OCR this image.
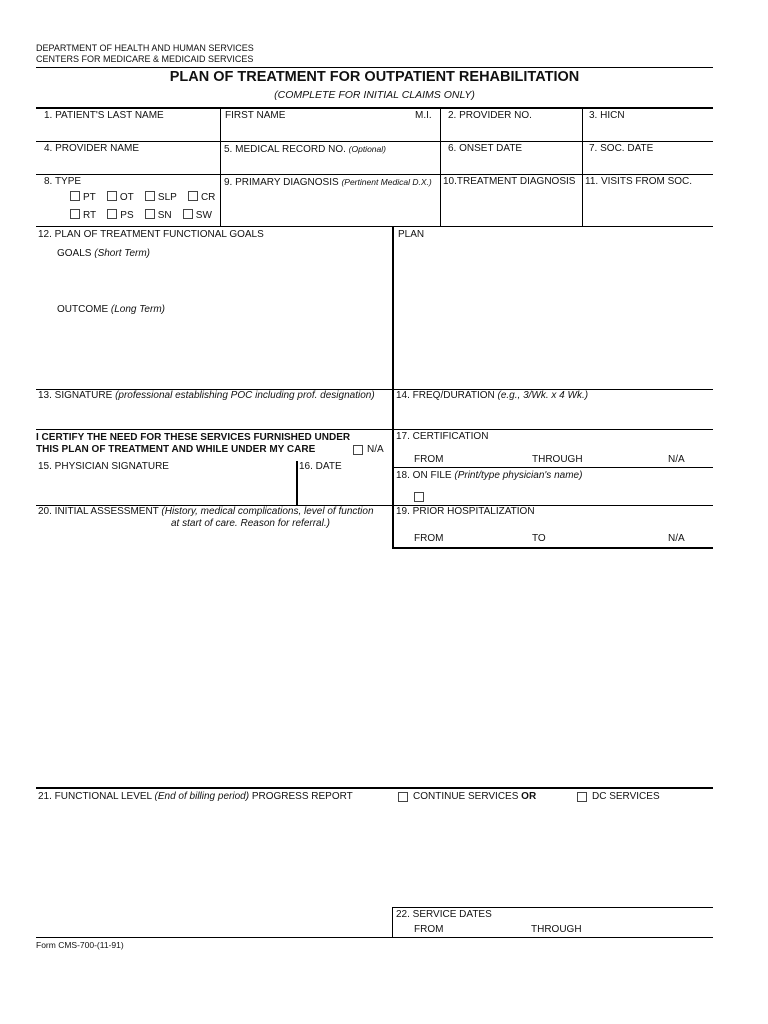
DEPARTMENT OF HEALTH AND HUMAN SERVICES
CENTERS FOR MEDICARE & MEDICAID SERVICES
PLAN OF TREATMENT FOR OUTPATIENT REHABILITATION
(COMPLETE FOR INITIAL CLAIMS ONLY)
1. PATIENT'S LAST NAME	FIRST NAME	M.I. 2. PROVIDER NO.	3. HICN
4. PROVIDER NAME	5. MEDICAL RECORD NO. (Optional)	6. ONSET DATE	7. SOC. DATE
8. TYPE
PT OT SLP CR
RT PS SN SW
9. PRIMARY DIAGNOSIS (Pertinent Medical D.X.) 10.TREATMENT DIAGNOSIS 11. VISITS FROM SOC.
12. PLAN OF TREATMENT FUNCTIONAL GOALS	PLAN
GOALS (Short Term)
OUTCOME (Long Term)
13. SIGNATURE (professional establishing POC including prof. designation) 14. FREQ/DURATION (e.g., 3/Wk. x 4 Wk.)
I CERTIFY THE NEED FOR THESE SERVICES FURNISHED UNDER
THIS PLAN OF TREATMENT AND WHILE UNDER MY CARE	N/A
15. PHYSICIAN SIGNATURE	16. DATE
17. CERTIFICATION
FROM	THROUGH	N/A
18. ON FILE (Print/type physician's name)
20. INITIAL ASSESSMENT (History, medical complications, level of function
at start of care. Reason for referral.)
19. PRIOR HOSPITALIZATION
FROM	TO	N/A
21. FUNCTIONAL LEVEL (End of billing period) PROGRESS REPORT	CONTINUE SERVICES OR	DC SERVICES
22. SERVICE DATES
FROM	THROUGH
Form CMS-700-(11-91)
